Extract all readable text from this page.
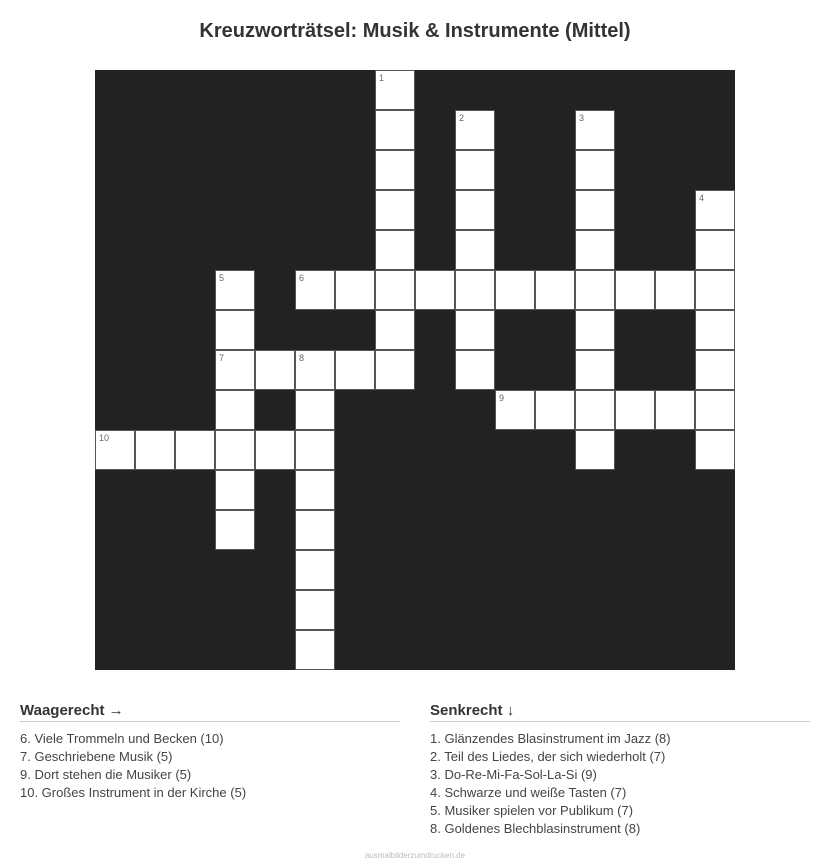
Kreuzworträtsel: Musik & Instrumente (Mittel)
1
2	3
4
5
7
6
8
9
10
Waagerecht →
6. Viele Trommeln und Becken (10)
7. Geschriebene Musik (5)
9. Dort stehen die Musiker (5)
10. Großes Instrument in der Kirche (5)
Senkrecht ↓
1. Glänzendes Blasinstrument im Jazz (8)
2. Teil des Liedes, der sich wiederholt (7)
3. Do-Re-Mi-Fa-Sol-La-Si (9)
4. Schwarze und weiße Tasten (7)
5. Musiker spielen vor Publikum (7)
8. Goldenes Blechblasinstrument (8)
ausmalbilderzumdrucken.de
